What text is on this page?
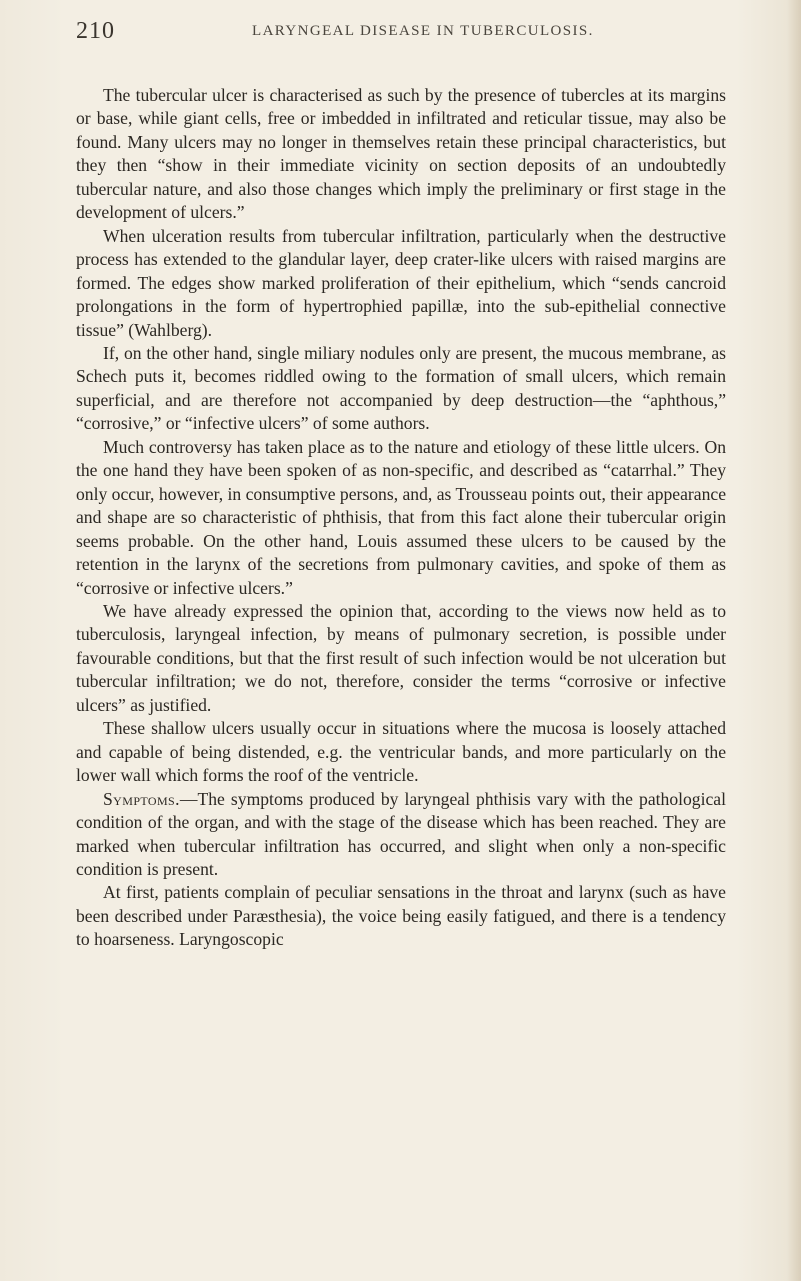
210	LARYNGEAL DISEASE IN TUBERCULOSIS.

The tubercular ulcer is characterised as such by the presence of tubercles at its margins or base, while giant cells, free or imbedded in infiltrated and reticular tissue, may also be found. Many ulcers may no longer in themselves retain these principal characteristics, but they then “show in their immediate vicinity on section deposits of an undoubtedly tubercular nature, and also those changes which imply the preliminary or first stage in the development of ulcers.”

When ulceration results from tubercular infiltration, particularly when the destructive process has extended to the glandular layer, deep crater-like ulcers with raised margins are formed. The edges show marked proliferation of their epithelium, which “sends cancroid prolongations in the form of hypertrophied papillæ, into the sub-epithelial connective tissue” (Wahlberg).

If, on the other hand, single miliary nodules only are present, the mucous membrane, as Schech puts it, becomes riddled owing to the formation of small ulcers, which remain superficial, and are therefore not accompanied by deep destruction—the “aphthous,” “corrosive,” or “infective ulcers” of some authors.

Much controversy has taken place as to the nature and etiology of these little ulcers. On the one hand they have been spoken of as non-specific, and described as “catarrhal.” They only occur, however, in consumptive persons, and, as Trousseau points out, their appearance and shape are so characteristic of phthisis, that from this fact alone their tubercular origin seems probable. On the other hand, Louis assumed these ulcers to be caused by the retention in the larynx of the secretions from pulmonary cavities, and spoke of them as “corrosive or infective ulcers.”

We have already expressed the opinion that, according to the views now held as to tuberculosis, laryngeal infection, by means of pulmonary secretion, is possible under favourable conditions, but that the first result of such infection would be not ulceration but tubercular infiltration; we do not, therefore, consider the terms “corrosive or infective ulcers” as justified.

These shallow ulcers usually occur in situations where the mucosa is loosely attached and capable of being distended, e.g. the ventricular bands, and more particularly on the lower wall which forms the roof of the ventricle.

Symptoms.—The symptoms produced by laryngeal phthisis vary with the pathological condition of the organ, and with the stage of the disease which has been reached. They are marked when tubercular infiltration has occurred, and slight when only a non-specific condition is present.

At first, patients complain of peculiar sensations in the throat and larynx (such as have been described under Paræsthesia), the voice being easily fatigued, and there is a tendency to hoarseness. Laryngoscopic
